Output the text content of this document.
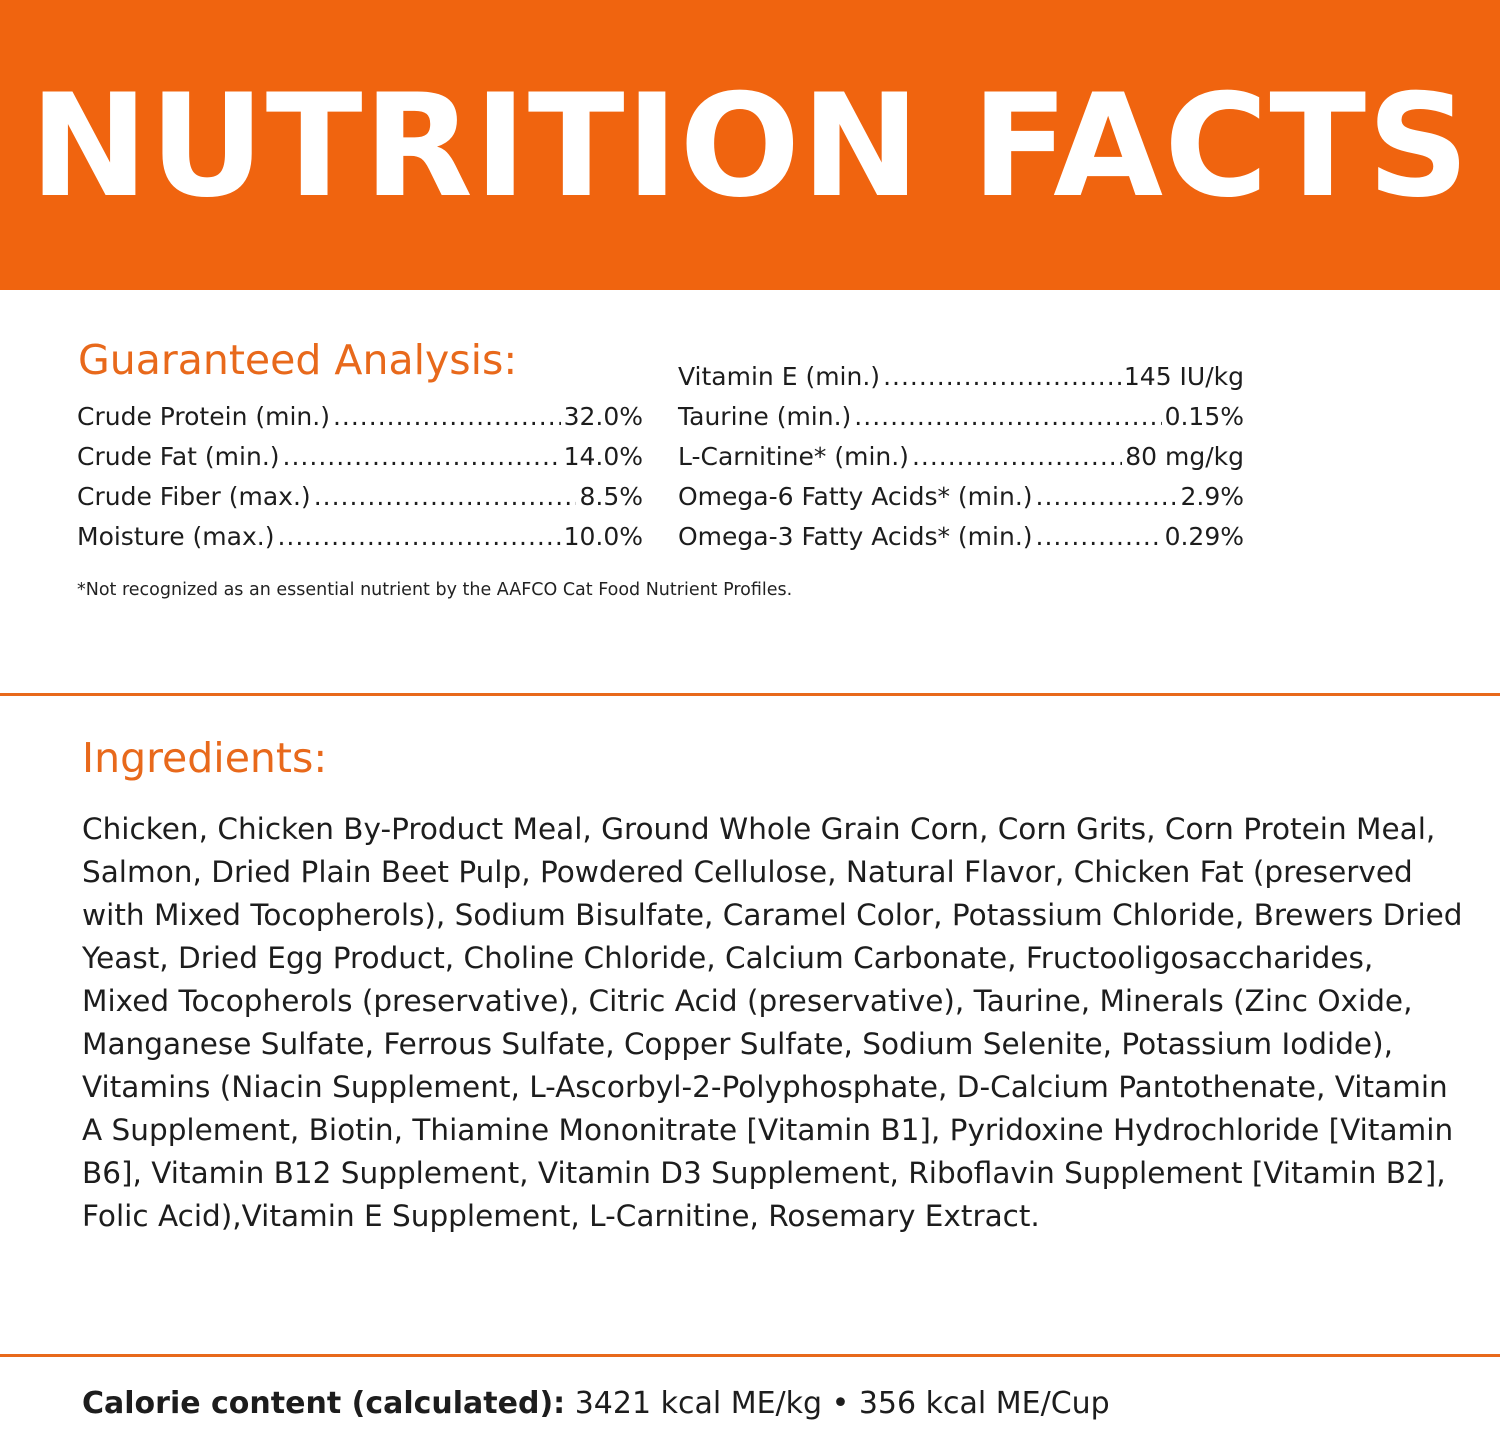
NUTRITION FACTS
Guaranteed Analysis:
Crude Protein (min.) .....	32.0%
Crude Fat (min.) .....	14.0%
Crude Fiber (max.) .....	8.5%
Moisture (max.) .....	10.0%
Vitamin E (min.) .....	145 IU/kg
Taurine (min.) .....	0.15%
L-Carnitine* (min.) .....	80 mg/kg
Omega-6 Fatty Acids* (min.) .....	2.9%
Omega-3 Fatty Acids* (min.) .....	0.29%
*Not recognized as an essential nutrient by the AAFCO Cat Food Nutrient Profiles.
Ingredients:
Chicken, Chicken By-Product Meal, Ground Whole Grain Corn, Corn Grits, Corn Protein Meal, Salmon, Dried Plain Beet Pulp, Powdered Cellulose, Natural Flavor, Chicken Fat (preserved with Mixed Tocopherols), Sodium Bisulfate, Caramel Color, Potassium Chloride, Brewers Dried Yeast, Dried Egg Product, Choline Chloride, Calcium Carbonate, Fructooligosaccharides, Mixed Tocopherols (preservative), Citric Acid (preservative), Taurine, Minerals (Zinc Oxide, Manganese Sulfate, Ferrous Sulfate, Copper Sulfate, Sodium Selenite, Potassium Iodide), Vitamins (Niacin Supplement, L-Ascorbyl-2-Polyphosphate, D-Calcium Pantothenate, Vitamin A Supplement, Biotin, Thiamine Mononitrate [Vitamin B1], Pyridoxine Hydrochloride [Vitamin B6], Vitamin B12 Supplement, Vitamin D3 Supplement, Riboflavin Supplement [Vitamin B2], Folic Acid),Vitamin E Supplement, L-Carnitine, Rosemary Extract.
Calorie content (calculated): 3421 kcal ME/kg • 356 kcal ME/Cup
